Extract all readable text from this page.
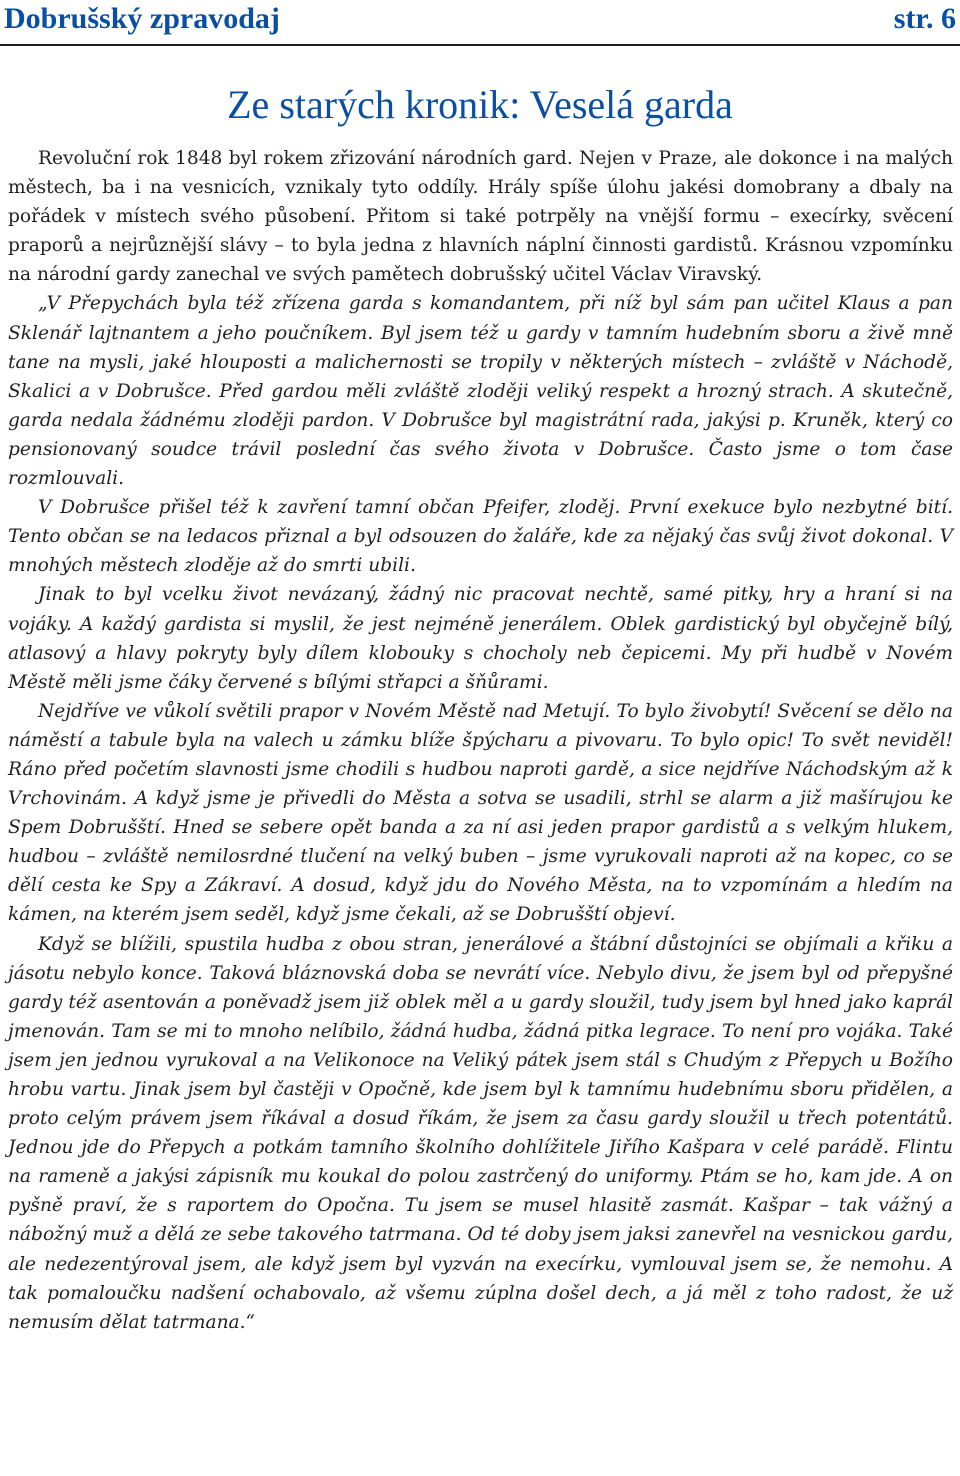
Dobrušský zpravodaj	str. 6
Ze starých kronik: Veselá garda

Revoluční rok 1848 byl rokem zřizování národních gard. Nejen v Praze, ale dokonce i na malých městech, ba i na vesnicích, vznikaly tyto oddíly. Hrály spíše úlohu jakési domobrany a dbaly na pořádek v místech svého působení. Přitom si také potrpěly na vnější formu – execírky, svěcení praporů a nejrůznější slávy – to byla jedna z hlavních náplní činnosti gardistů. Krásnou vzpomínku na národní gardy zanechal ve svých pamětech dobrušský učitel Václav Viravský.

„V Přepychách byla též zřízena garda s komandantem, při níž byl sám pan učitel Klaus a pan Sklenář lajtnantem a jeho poučníkem. Byl jsem též u gardy v tamním hudebním sboru a živě mně tane na mysli, jaké hlouposti a malichernosti se tropily v některých místech – zvláště v Náchodě, Skalici a v Dobrušce. Před gardou měli zvláště zloději veliký respekt a hrozný strach. A skutečně, garda nedala žádnému zloději pardon. V Dobrušce byl magistrátní rada, jakýsi p. Kruněk, který co pensionovaný soudce trávil poslední čas svého života v Dobrušce. Často jsme o tom čase rozmlouvali.

V Dobrušce přišel též k zavření tamní občan Pfeifer, zloděj. První exekuce bylo nezbytné bití. Tento občan se na ledacos přiznal a byl odsouzen do žaláře, kde za nějaký čas svůj život dokonal. V mnohých městech zloděje až do smrti ubili.

Jinak to byl vcelku život nevázaný, žádný nic pracovat nechtě, samé pitky, hry a hraní si na vojáky. A každý gardista si myslil, že jest nejméně jenerálem. Oblek gardistický byl obyčejně bílý, atlasový a hlavy pokryty byly dílem klobouky s chocholy neb čepicemi. My při hudbě v Novém Městě měli jsme čáky červené s bílými střapci a šňůrami.

Nejdříve ve vůkolí světili prapor v Novém Městě nad Metují. To bylo živobytí! Svěcení se dělo na náměstí a tabule byla na valech u zámku blíže špýcharu a pivovaru. To bylo opic! To svět neviděl! Ráno před početím slavnosti jsme chodili s hudbou naproti gardě, a sice nejdříve Náchodským až k Vrchovinám. A když jsme je přivedli do Města a sotva se usadili, strhl se alarm a již mašírujou ke Spem Dobrušští. Hned se sebere opět banda a za ní asi jeden prapor gardistů a s velkým hlukem, hudbou – zvláště nemilosrdné tlučení na velký buben – jsme vyrukovali naproti až na kopec, co se dělí cesta ke Spy a Zákraví. A dosud, když jdu do Nového Města, na to vzpomínám a hledím na kámen, na kterém jsem seděl, když jsme čekali, až se Dobrušští objeví.

Když se blížili, spustila hudba z obou stran, jenerálové a štábní důstojníci se objímali a křiku a jásotu nebylo konce. Taková bláznovská doba se nevrátí více. Nebylo divu, že jsem byl od přepyšné gardy též asentován a poněvadž jsem již oblek měl a u gardy sloužil, tudy jsem byl hned jako kaprál jmenován. Tam se mi to mnoho nelíbilo, žádná hudba, žádná pitka legrace. To není pro vojáka. Také jsem jen jednou vyrukoval a na Velikonoce na Veliký pátek jsem stál s Chudým z Přepych u Božího hrobu vartu. Jinak jsem byl častěji v Opočně, kde jsem byl k tamnímu hudebnímu sboru přidělen, a proto celým právem jsem říkával a dosud říkám, že jsem za času gardy sloužil u třech potentátů. Jednou jde do Přepych a potkám tamního školního dohlížitele Jiřího Kašpara v celé parádě. Flintu na rameně a jakýsi zápisník mu koukal do polou zastrčený do uniformy. Ptám se ho, kam jde. A on pyšně praví, že s raportem do Opočna. Tu jsem se musel hlasitě zasmát. Kašpar – tak vážný a nábožný muž a dělá ze sebe takového tatrmana. Od té doby jsem jaksi zanevřel na vesnickou gardu, ale nedezentýroval jsem, ale když jsem byl vyzván na execírku, vymlouval jsem se, že nemohu. A tak pomaloučku nadšení ochabovalo, až všemu zúplna došel dech, a já měl z toho radost, že už nemusím dělat tatrmana.“
